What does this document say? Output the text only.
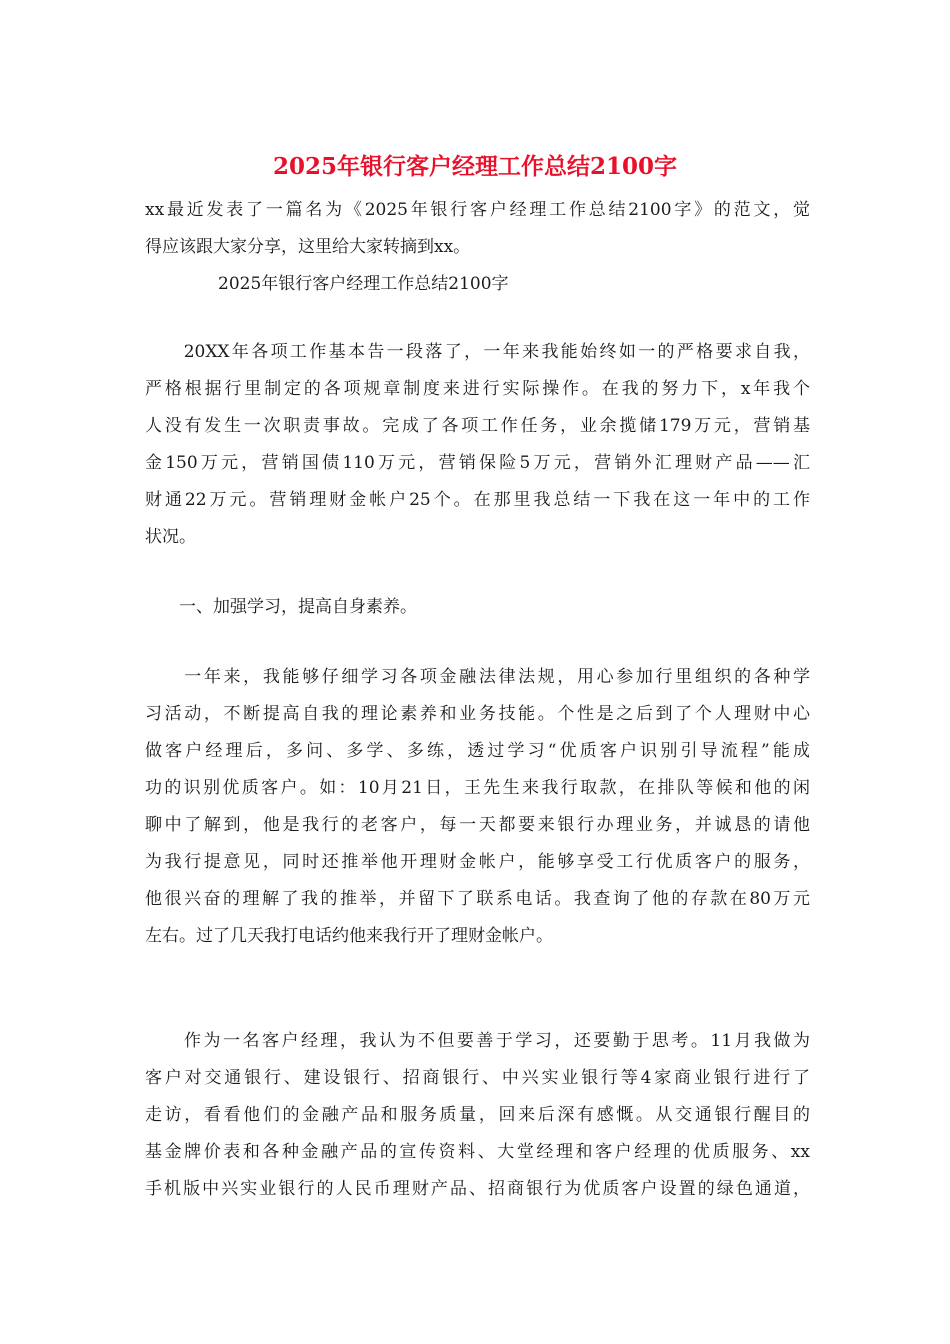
2025年银行客户经理工作总结2100字
xx最近发表了一篇名为《2025年银行客户经理工作总结2100字》的范文，觉
得应该跟大家分享，这里给大家转摘到xx。
2025年银行客户经理工作总结2100字
　　20XX年各项工作基本告一段落了，一年来我能始终如一的严格要求自我，
严格根据行里制定的各项规章制度来进行实际操作。在我的努力下，x年我个
人没有发生一次职责事故。完成了各项工作任务，业余揽储179万元，营销基
金150万元，营销国债110万元，营销保险5万元，营销外汇理财产品——汇
财通22万元。营销理财金帐户25个。在那里我总结一下我在这一年中的工作
状况。
　　一、加强学习，提高自身素养。
　　一年来，我能够仔细学习各项金融法律法规，用心参加行里组织的各种学
习活动，不断提高自我的理论素养和业务技能。个性是之后到了个人理财中心
做客户经理后，多问、多学、多练，透过学习“优质客户识别引导流程”能成
功的识别优质客户。如：10月21日，王先生来我行取款，在排队等候和他的闲
聊中了解到，他是我行的老客户，每一天都要来银行办理业务，并诚恳的请他
为我行提意见，同时还推举他开理财金帐户，能够享受工行优质客户的服务，
他很兴奋的理解了我的推举，并留下了联系电话。我查询了他的存款在80万元
左右。过了几天我打电话约他来我行开了理财金帐户。
　　作为一名客户经理，我认为不但要善于学习，还要勤于思考。11月我做为
客户对交通银行、建设银行、招商银行、中兴实业银行等4家商业银行进行了
走访，看看他们的金融产品和服务质量，回来后深有感慨。从交通银行醒目的
基金牌价表和各种金融产品的宣传资料、大堂经理和客户经理的优质服务、xx
手机版中兴实业银行的人民币理财产品、招商银行为优质客户设置的绿色通道，
